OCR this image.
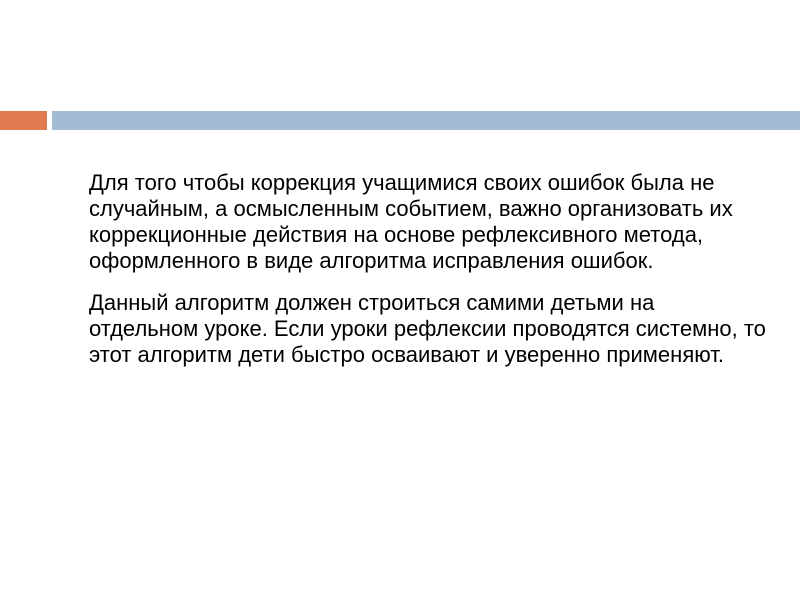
Для того чтобы коррекция учащимися своих ошибок была не случайным, а осмысленным событием, важно организовать их коррекционные действия на основе рефлексивного метода, оформленного в виде алгоритма исправления ошибок.

Данный алгоритм должен строиться самими детьми на отдельном уроке. Если уроки рефлексии проводятся системно, то этот алгоритм дети быстро осваивают и уверенно применяют.
